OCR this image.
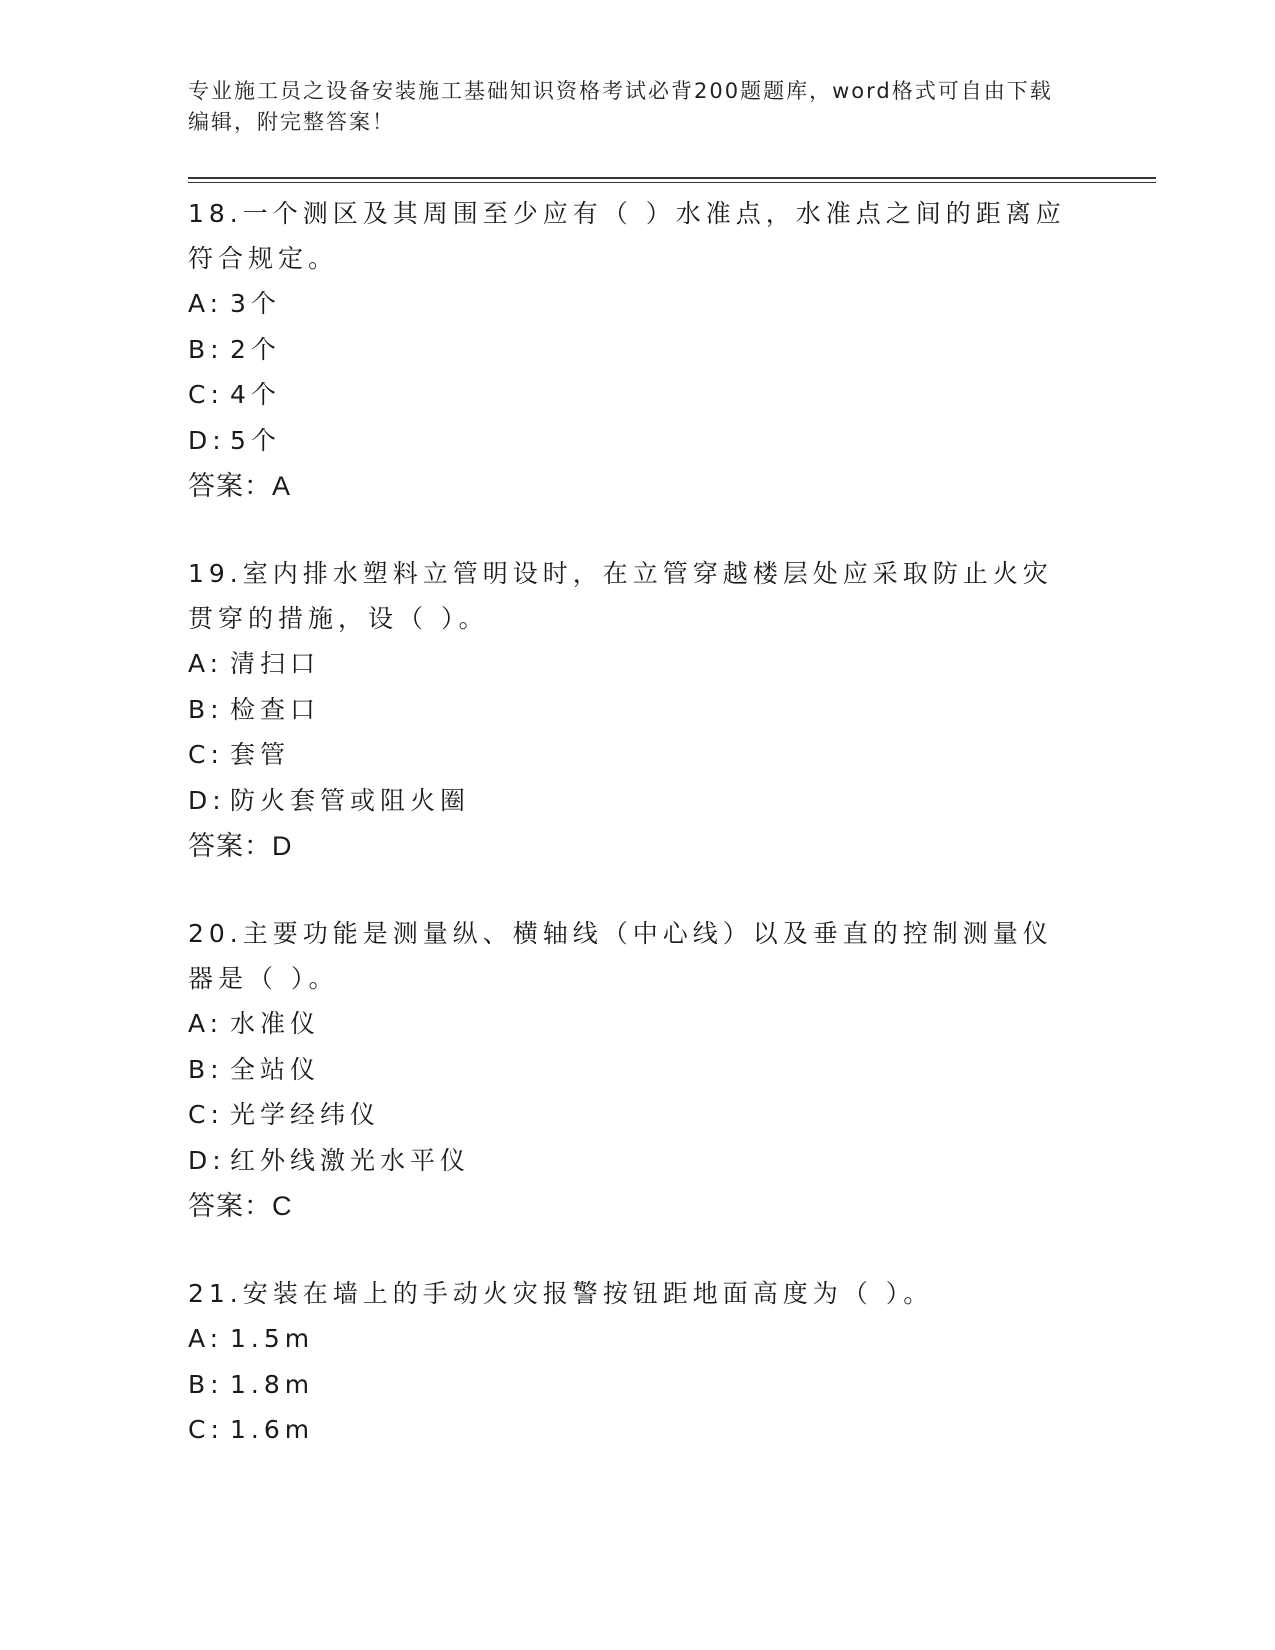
专业施工员之设备安装施工基础知识资格考试必背200题题库，word格式可自由下载编辑，附完整答案！

18.一个测区及其周围至少应有（ ）水准点，水准点之间的距离应符合规定。

A: 3个

B: 2个

C: 4个

D: 5个

答案：A

19.室内排水塑料立管明设时，在立管穿越楼层处应采取防止火灾贯穿的措施，设（ ）。

A: 清扫口

B: 检查口

C: 套管

D: 防火套管或阻火圈

答案：D

20.主要功能是测量纵、横轴线（中心线）以及垂直的控制测量仪器是（ ）。

A: 水准仪

B: 全站仪

C: 光学经纬仪

D: 红外线激光水平仪

答案：C

21.安装在墙上的手动火灾报警按钮距地面高度为（ ）。

A: 1.5m

B: 1.8m

C: 1.6m
